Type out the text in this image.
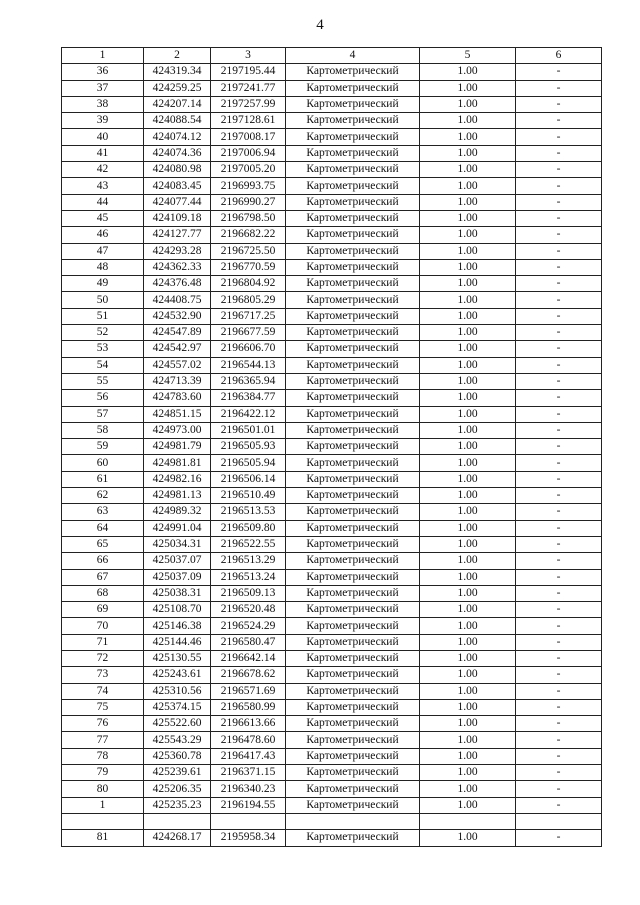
4
1	2	3	4	5	6
36	424319.34	2197195.44	Картометрический	1.00	-
37	424259.25	2197241.77	Картометрический	1.00	-
38	424207.14	2197257.99	Картометрический	1.00	-
39	424088.54	2197128.61	Картометрический	1.00	-
40	424074.12	2197008.17	Картометрический	1.00	-
41	424074.36	2197006.94	Картометрический	1.00	-
42	424080.98	2197005.20	Картометрический	1.00	-
43	424083.45	2196993.75	Картометрический	1.00	-
44	424077.44	2196990.27	Картометрический	1.00	-
45	424109.18	2196798.50	Картометрический	1.00	-
46	424127.77	2196682.22	Картометрический	1.00	-
47	424293.28	2196725.50	Картометрический	1.00	-
48	424362.33	2196770.59	Картометрический	1.00	-
49	424376.48	2196804.92	Картометрический	1.00	-
50	424408.75	2196805.29	Картометрический	1.00	-
51	424532.90	2196717.25	Картометрический	1.00	-
52	424547.89	2196677.59	Картометрический	1.00	-
53	424542.97	2196606.70	Картометрический	1.00	-
54	424557.02	2196544.13	Картометрический	1.00	-
55	424713.39	2196365.94	Картометрический	1.00	-
56	424783.60	2196384.77	Картометрический	1.00	-
57	424851.15	2196422.12	Картометрический	1.00	-
58	424973.00	2196501.01	Картометрический	1.00	-
59	424981.79	2196505.93	Картометрический	1.00	-
60	424981.81	2196505.94	Картометрический	1.00	-
61	424982.16	2196506.14	Картометрический	1.00	-
62	424981.13	2196510.49	Картометрический	1.00	-
63	424989.32	2196513.53	Картометрический	1.00	-
64	424991.04	2196509.80	Картометрический	1.00	-
65	425034.31	2196522.55	Картометрический	1.00	-
66	425037.07	2196513.29	Картометрический	1.00	-
67	425037.09	2196513.24	Картометрический	1.00	-
68	425038.31	2196509.13	Картометрический	1.00	-
69	425108.70	2196520.48	Картометрический	1.00	-
70	425146.38	2196524.29	Картометрический	1.00	-
71	425144.46	2196580.47	Картометрический	1.00	-
72	425130.55	2196642.14	Картометрический	1.00	-
73	425243.61	2196678.62	Картометрический	1.00	-
74	425310.56	2196571.69	Картометрический	1.00	-
75	425374.15	2196580.99	Картометрический	1.00	-
76	425522.60	2196613.66	Картометрический	1.00	-
77	425543.29	2196478.60	Картометрический	1.00	-
78	425360.78	2196417.43	Картометрический	1.00	-
79	425239.61	2196371.15	Картометрический	1.00	-
80	425206.35	2196340.23	Картометрический	1.00	-
1	425235.23	2196194.55	Картометрический	1.00	-

81	424268.17	2195958.34	Картометрический	1.00	-
